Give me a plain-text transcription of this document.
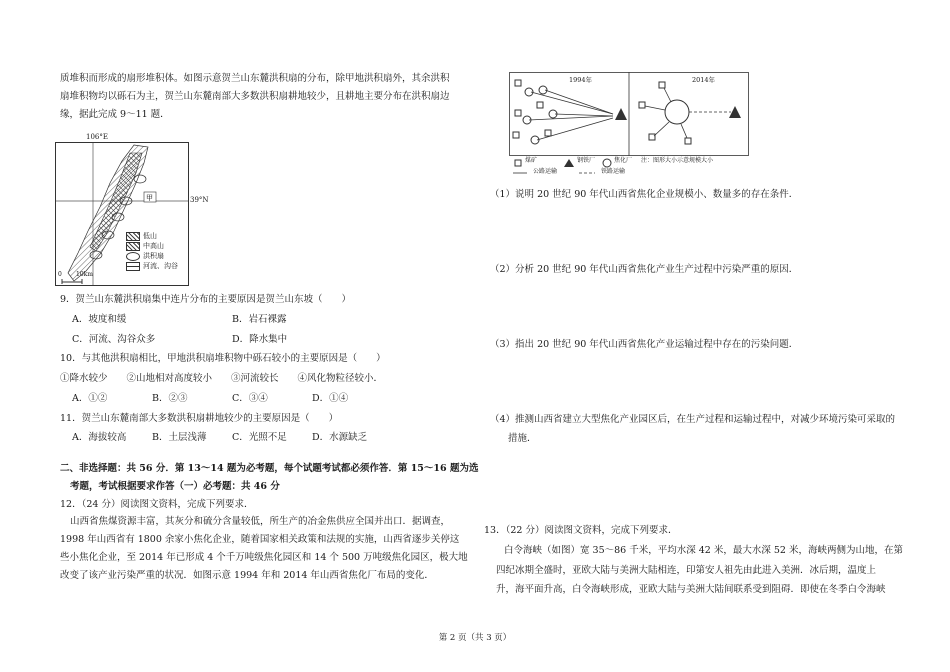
质堆积而形成的扇形堆积体。如图示意贺兰山东麓洪积扇的分布，除甲地洪积扇外，其余洪积

扇堆积物均以砾石为主，贺兰山东麓南部大多数洪积扇耕地较少，且耕地主要分布在洪积扇边

缘，据此完成 9～11 题．

甲
106°E
39°N
0 10km
低山
中高山
洪积扇
河流、沟谷

9．贺兰山东麓洪积扇集中连片分布的主要原因是贺兰山东坡（　　）

A．坡度和缓	B．岩石裸露
C．河流、沟谷众多	D．降水集中

10．与其他洪积扇相比，甲地洪积扇堆积物中砾石较小的主要原因是（　　）

①降水较少　　②山地相对高度较小　　③河流较长　　④风化物粒径较小．

A．①②	B．②③	C．③④	D．①④

11．贺兰山东麓南部大多数洪积扇耕地较少的主要原因是（　　）

A．海拔较高	B．土层浅薄	C．光照不足	D．水源缺乏

二、非选择题：共 56 分．第 13～14 题为必考题，每个试题考试都必须作答．第 15～16 题为选

考题，考试根据要求作答（一）必考题：共 46 分

12．（24 分）阅读图文资料，完成下列要求．

山西省焦煤资源丰富，其灰分和硫分含量较低，所生产的冶金焦供应全国并出口．据调查，

1998 年山西省有 1800 余家小焦化企业，随着国家相关政策和法规的实施，山西省逐步关停这

些小焦化企业，至 2014 年已形成 4 个千万吨级焦化园区和 14 个 500 万吨级焦化园区，极大地

改变了该产业污染严重的状况．如图示意 1994 年和 2014 年山西省焦化厂布局的变化．

1994年	2014年
煤矿	钢铁厂	焦化厂 注：图形大小示意规模大小
公路运输	铁路运输

（1）说明 20 世纪 90 年代山西省焦化企业规模小、数量多的存在条件．

（2）分析 20 世纪 90 年代山西省焦化产业生产过程中污染严重的原因．

（3）指出 20 世纪 90 年代山西省焦化产业运输过程中存在的污染问题．

（4）推测山西省建立大型焦化产业园区后，在生产过程和运输过程中，对减少环境污染可采取的

措施．

13．（22 分）阅读图文资料，完成下列要求．

白令海峡（如图）宽 35～86 千米，平均水深 42 米，最大水深 52 米，海峡两侧为山地，在第

四纪冰期全盛时，亚欧大陆与美洲大陆相连，印第安人祖先由此进入美洲．冰后期，温度上

升，海平面升高，白令海峡形成，亚欧大陆与美洲大陆间联系受到阻碍．即使在冬季白令海峡

第 2 页（共 3 页）
